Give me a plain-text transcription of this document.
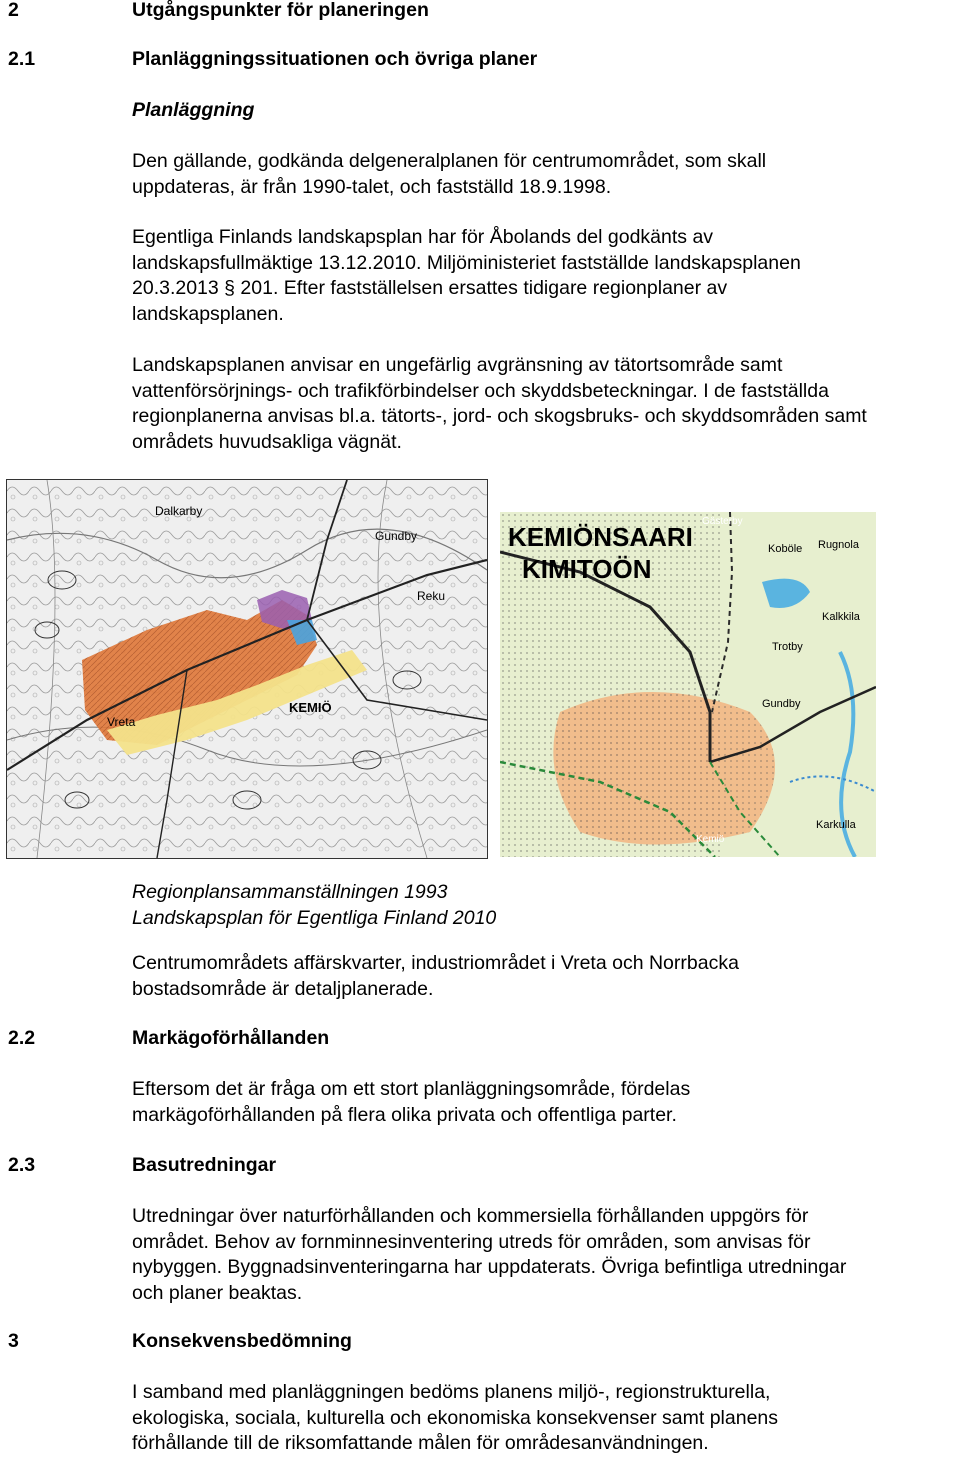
2	Utgångspunkter för planeringen
2.1	Planläggningssituationen och övriga planer
Planläggning
Den gällande, godkända delgeneralplanen för centrumområdet, som skall
uppdateras, är från 1990-talet, och fastställd 18.9.1998.
Egentliga Finlands landskapsplan har för Åbolands del godkänts av
landskapsfullmäktige 13.12.2010. Miljöministeriet fastställde landskapsplanen
20.3.2013 § 201. Efter fastställelsen ersattes tidigare regionplaner av
landskapsplanen.
Landskapsplanen anvisar en ungefärlig avgränsning av tätortsområde samt
vattenförsörjnings- och trafikförbindelser och skyddsbeteckningar. I de fastställda
regionplanerna anvisas bl.a. tätorts-, jord- och skogsbruks- och skyddsområden samt
områdets huvudsakliga vägnät.
Dalkarby
Gundby
Reku
Vreta
KEMIÖ
KEMIÖNSAARI
KIMITOÖN
Gästerby
Rugnola
Koböle
Kalkkila
Trotby
Gundby
Karkulla
Kemiö
Regionplansammanställningen 1993
Landskapsplan för Egentliga Finland 2010
Centrumområdets affärskvarter, industriområdet i Vreta och Norrbacka
bostadsområde är detaljplanerade.
2.2	Markägoförhållanden
Eftersom det är fråga om ett stort planläggningsområde, fördelas
markägoförhållanden på flera olika privata och offentliga parter.
2.3	Basutredningar
Utredningar över naturförhållanden och kommersiella förhållanden uppgörs för
området. Behov av fornminnesinventering utreds för områden, som anvisas för
nybyggen. Byggnadsinventeringarna har uppdaterats. Övriga befintliga utredningar
och planer beaktas.
3	Konsekvensbedömning
I samband med planläggningen bedöms planens miljö-, regionstrukturella,
ekologiska, sociala, kulturella och ekonomiska konsekvenser samt planens
förhållande till de riksomfattande målen för områdesanvändningen.
